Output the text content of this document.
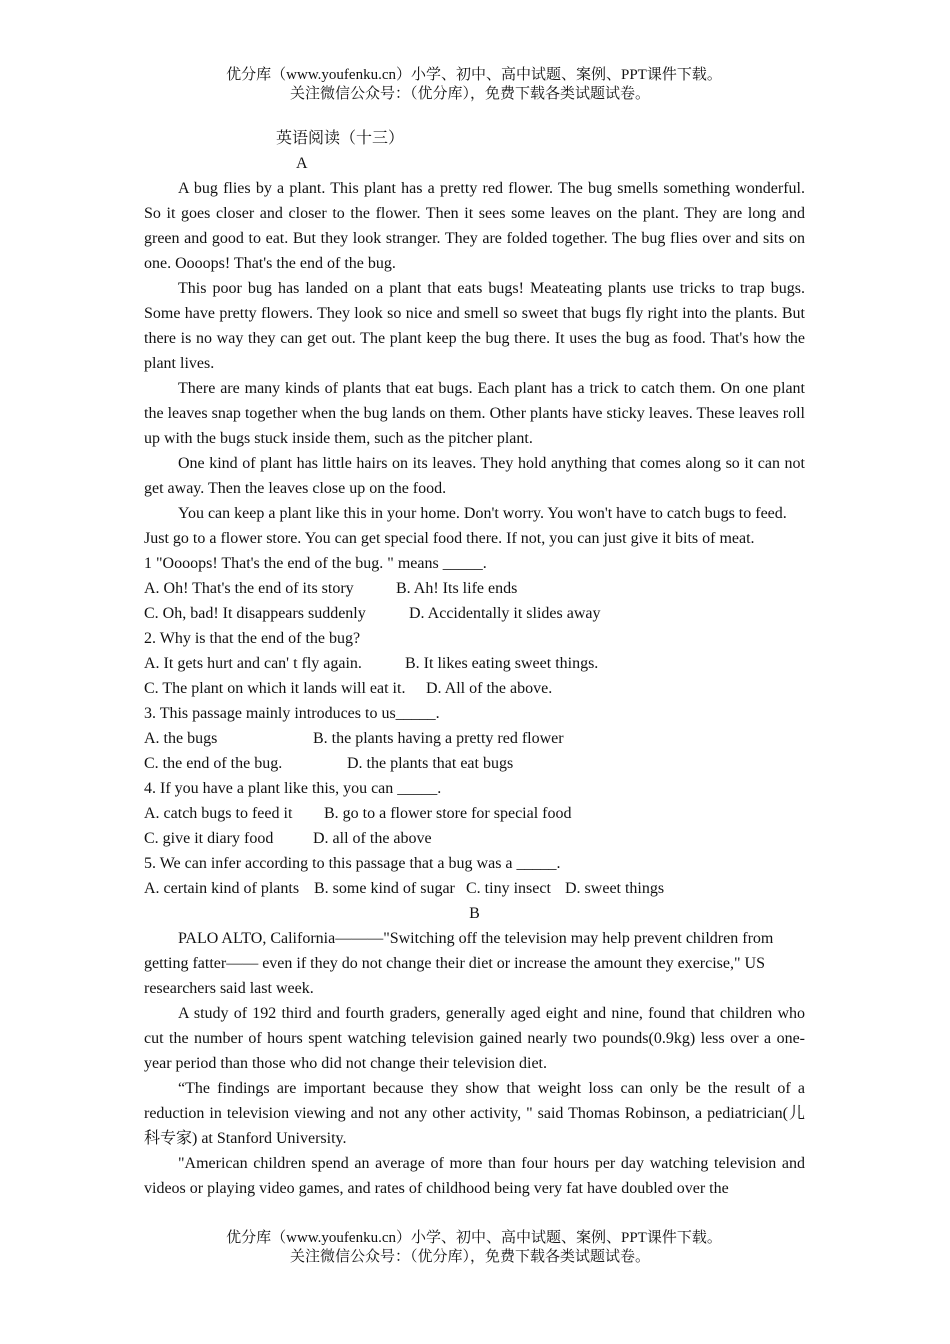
优分库（www.youfenku.cn）小学、初中、高中试题、案例、PPT课件下载。
关注微信公众号：（优分库），免费下载各类试题试卷。
英语阅读（十三）
A

A bug flies by a plant. This plant has a pretty red flower. The bug smells something wonderful. So it goes closer and closer to the flower. Then it sees some leaves on the plant. They are long and green and good to eat. But they look stranger. They are folded together. The bug flies over and sits on one. Oooops! That's the end of the bug.

This poor bug has landed on a plant that eats bugs! Meateating plants use tricks to trap bugs. Some have pretty flowers. They look so nice and smell so sweet that bugs fly right into the plants. But there is no way they can get out. The plant keep the bug there. It uses the bug as food. That's how the plant lives.

There are many kinds of plants that eat bugs. Each plant has a trick to catch them. On one plant the leaves snap together when the bug lands on them. Other plants have sticky leaves. These leaves roll up with the bugs stuck inside them, such as the pitcher plant.

One kind of plant has little hairs on its leaves. They hold anything that comes along so it can not get away. Then the leaves close up on the food.

You can keep a plant like this in your home. Don't worry. You won't have to catch bugs to feed. Just go to a flower store. You can get special food there. If not, you can just give it bits of meat.

1 "Oooops! That's the end of the bug. " means _____.

A. Oh! That's the end of its story	B. Ah! Its life ends

C. Oh, bad! It disappears suddenly	D. Accidentally it slides away

2. Why is that the end of the bug?

A. It gets hurt and can' t fly again.	B. It likes eating sweet things.

C. The plant on which it lands will eat it. D. All of the above.

3. This passage mainly introduces to us_____.

A. the bugs	B. the plants having a pretty red flower

C. the end of the bug.	D. the plants that eat bugs

4. If you have a plant like this, you can _____.

A. catch bugs to feed it B. go to a flower store for special food

C. give it diary food D. all of the above

5. We can infer according to this passage that a bug was a _____.

A. certain kind of plants B. some kind of sugar C. tiny insect D. sweet things

B

PALO ALTO, California———"Switching off the television may help prevent children from getting fatter—— even if they do not change their diet or increase the amount they exercise," US researchers said last week.

A study of 192 third and fourth graders, generally aged eight and nine, found that children who cut the number of hours spent watching television gained nearly two pounds(0.9kg) less over a one-year period than those who did not change their television diet.

“The findings are important because they show that weight loss can only be the result of a reduction in television viewing and not any other activity, " said Thomas Robinson, a pediatrician(儿科专家) at Stanford University.

"American children spend an average of more than four hours per day watching television and videos or playing video games, and rates of childhood being very fat have doubled over the

优分库（www.youfenku.cn）小学、初中、高中试题、案例、PPT课件下载。
关注微信公众号：（优分库），免费下载各类试题试卷。
